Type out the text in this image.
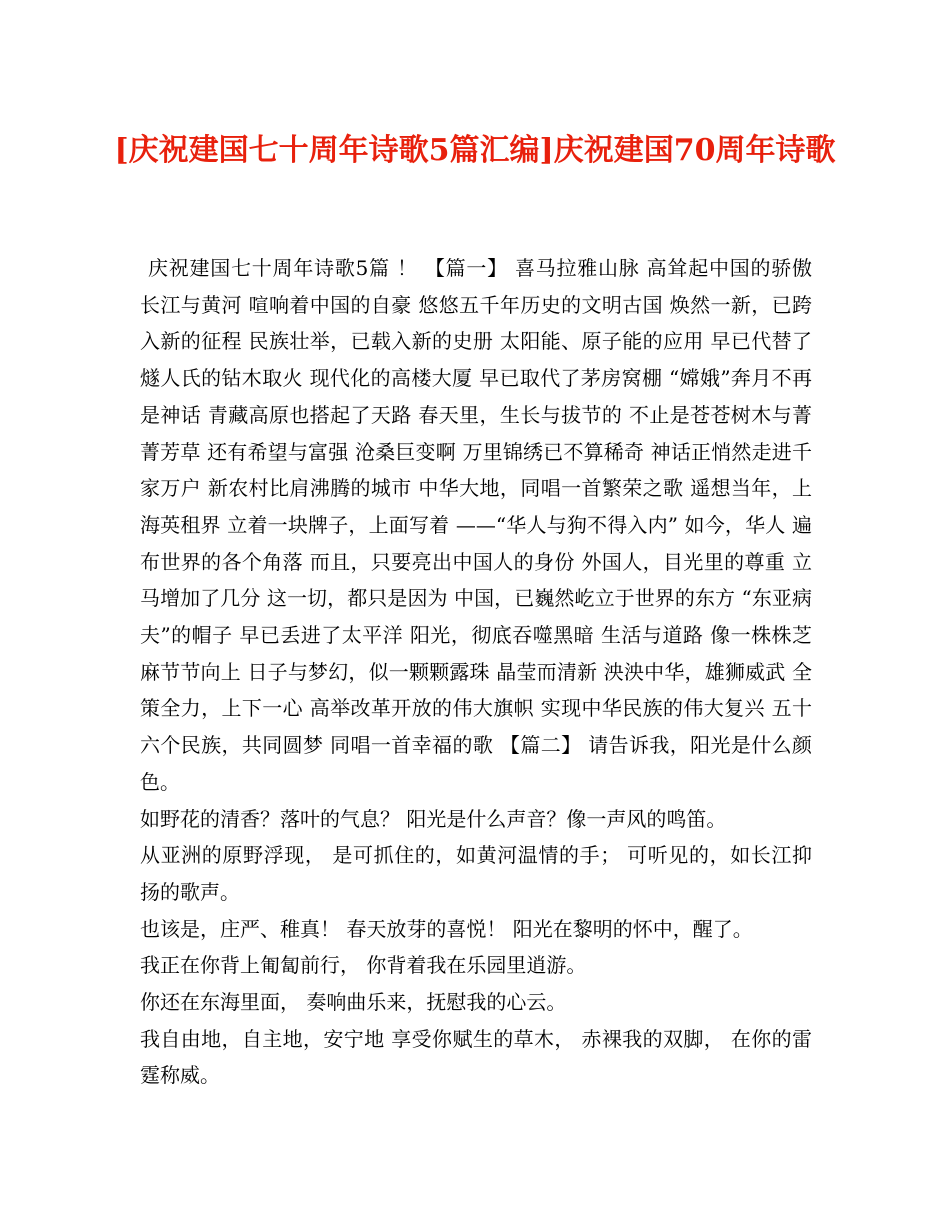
[庆祝建国七十周年诗歌5篇汇编]庆祝建国70周年诗歌

庆祝建国七十周年诗歌5篇 ！ 【篇一】 喜马拉雅山脉 高耸起中国的骄傲 长江与黄河 喧响着中国的自豪 悠悠五千年历史的文明古国 焕然一新，已跨入新的征程 民族壮举，已载入新的史册 太阳能、原子能的应用 早已代替了燧人氏的钻木取火 现代化的高楼大厦 早已取代了茅房窝棚 “嫦娥”奔月不再是神话 青藏高原也搭起了天路 春天里，生长与拔节的 不止是苍苍树木与菁菁芳草 还有希望与富强 沧桑巨变啊 万里锦绣已不算稀奇 神话正悄然走进千家万户 新农村比肩沸腾的城市 中华大地，同唱一首繁荣之歌 遥想当年，上海英租界 立着一块牌子，上面写着 ——“华人与狗不得入内” 如今，华人 遍布世界的各个角落 而且，只要亮出中国人的身份 外国人，目光里的尊重 立马增加了几分 这一切，都只是因为 中国，已巍然屹立于世界的东方 “东亚病夫”的帽子 早已丢进了太平洋 阳光，彻底吞噬黑暗 生活与道路 像一株株芝麻节节向上 日子与梦幻，似一颗颗露珠 晶莹而清新 泱泱中华，雄狮威武 全策全力，上下一心 高举改革开放的伟大旗帜 实现中华民族的伟大复兴 五十六个民族，共同圆梦 同唱一首幸福的歌 【篇二】 请告诉我，阳光是什么颜色。

如野花的清香？落叶的气息？ 阳光是什么声音？像一声风的鸣笛。

从亚洲的原野浮现， 是可抓住的，如黄河温情的手； 可听见的，如长江抑扬的歌声。

也该是，庄严、稚真！ 春天放芽的喜悦！ 阳光在黎明的怀中，醒了。

我正在你背上匍匐前行， 你背着我在乐园里逍游。

你还在东海里面， 奏响曲乐来，抚慰我的心云。

我自由地，自主地，安宁地 享受你赋生的草木， 赤裸我的双脚， 在你的雷霆称威。
